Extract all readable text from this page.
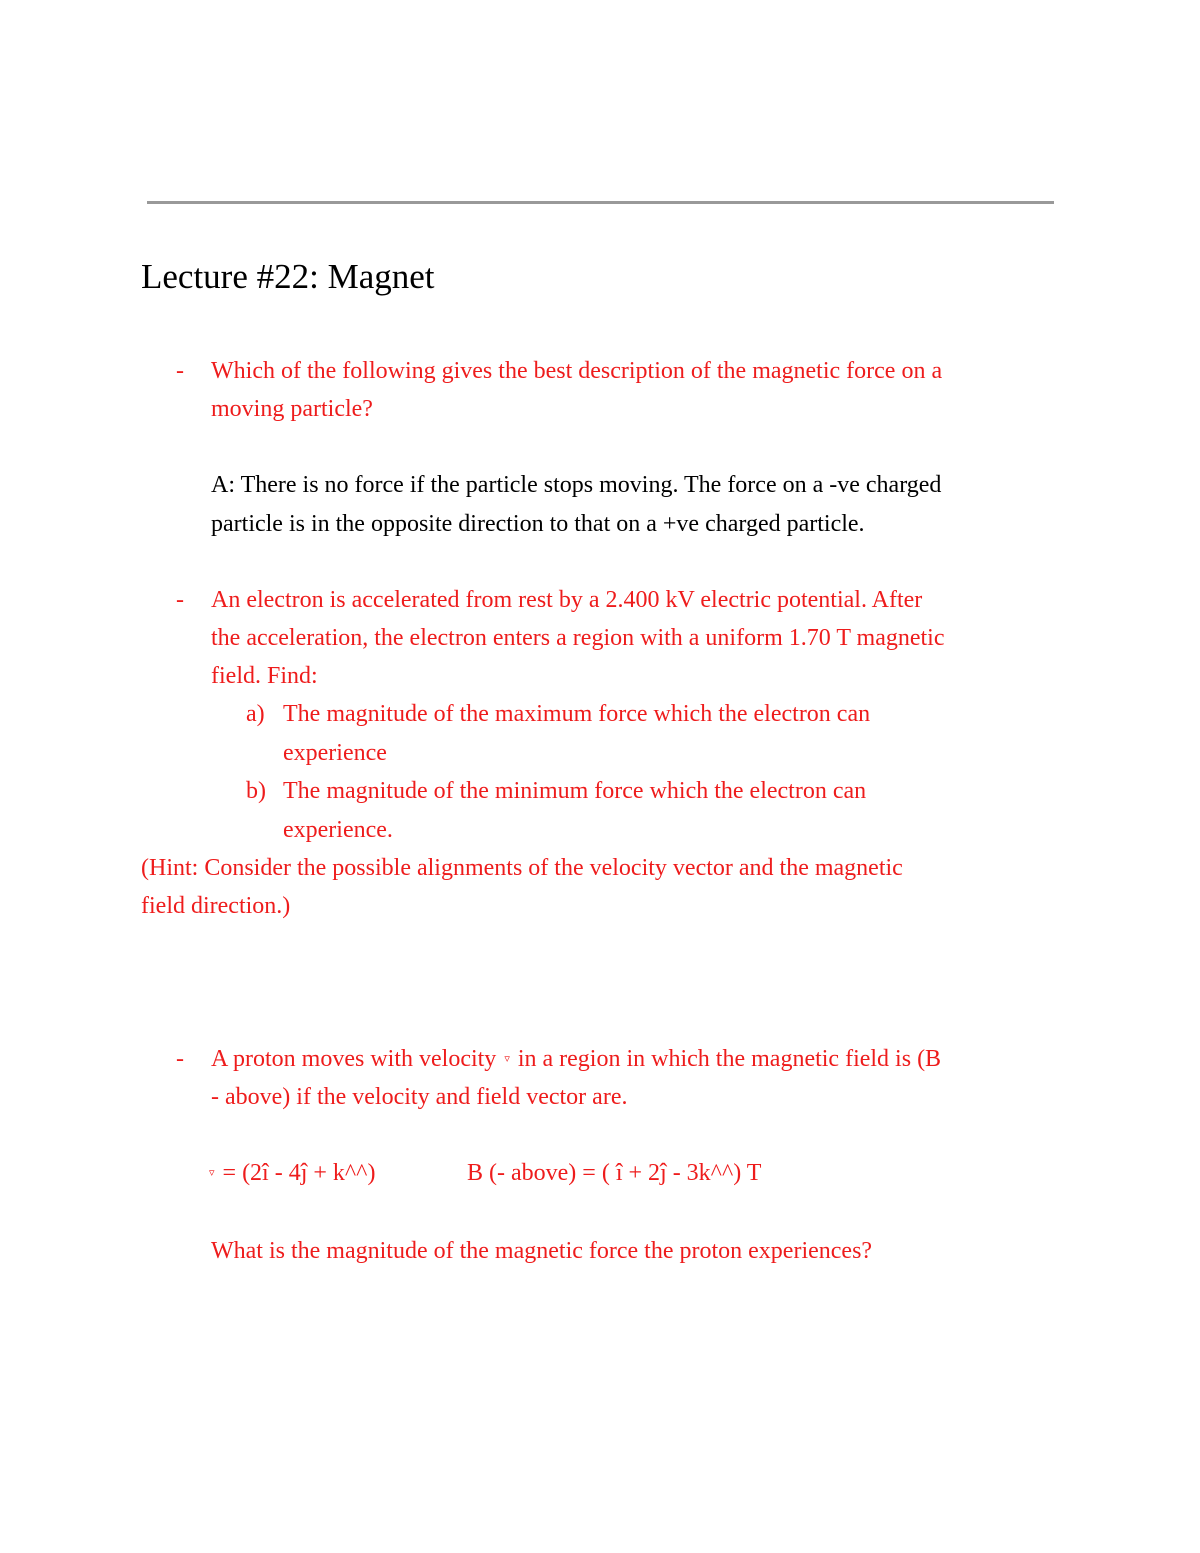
Lecture #22: Magnet
- Which of the following gives the best description of the magnetic force on a
moving particle?
A: There is no force if the particle stops moving. The force on a -ve charged
particle is in the opposite direction to that on a +ve charged particle.
- An electron is accelerated from rest by a 2.400 kV electric potential. After
the acceleration, the electron enters a region with a uniform 1.70 T magnetic
field. Find:
a) The magnitude of the maximum force which the electron can
experience
b) The magnitude of the minimum force which the electron can
experience.
(Hint: Consider the possible alignments of the velocity vector and the magnetic
field direction.)
- A proton moves with velocity ▿ in a region in which the magnetic field is (B
- above) if the velocity and field vector are.
▿ = (2î - 4ĵ + k^^)	B (- above) = ( î + 2ĵ - 3k^^) T
What is the magnitude of the magnetic force the proton experiences?
